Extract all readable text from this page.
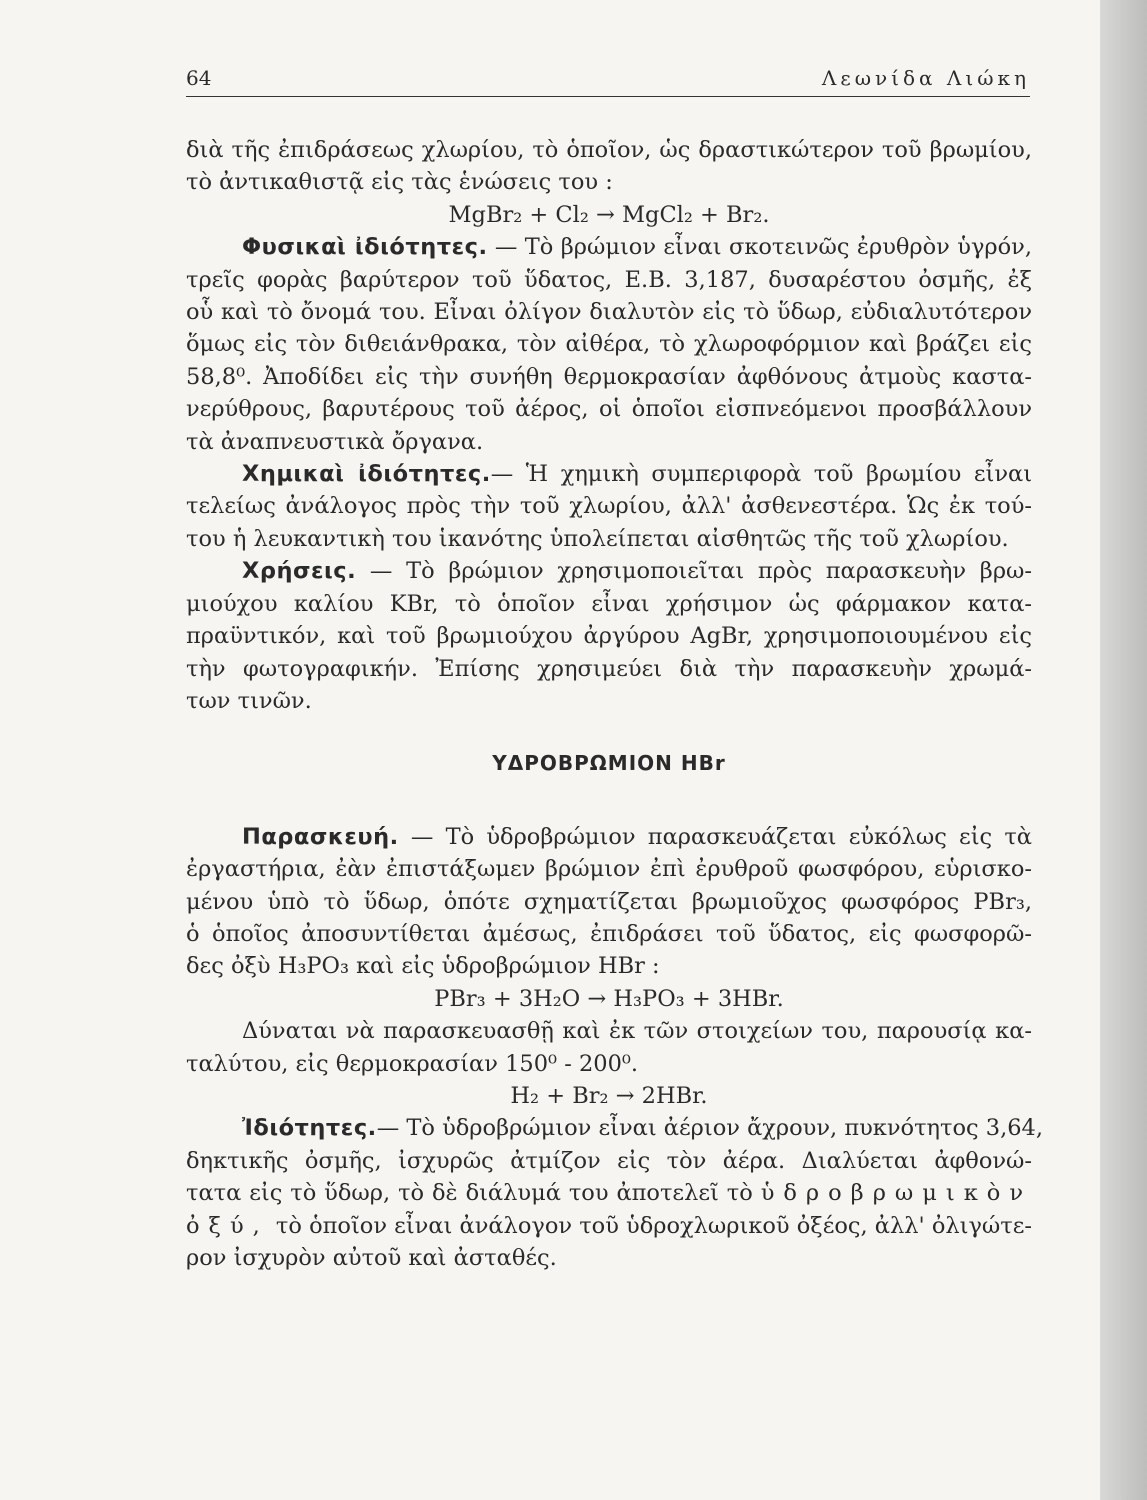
64	Λεωνίδα Λιώκη
διὰ τῆς ἐπιδράσεως χλωρίου, τὸ ὁποῖον, ὡς δραστικώτερον τοῦ βρωμίου,
τὸ ἀντικαθιστᾷ εἰς τὰς ἑνώσεις του :
MgBr₂ + Cl₂ → MgCl₂ + Br₂.
Φυσικαὶ ἰδιότητες. — Τὸ βρώμιον εἶναι σκοτεινῶς ἐρυθρὸν ὑγρόν,
τρεῖς φορὰς βαρύτερον τοῦ ὕδατος, Ε.Β. 3,187, δυσαρέστου ὀσμῆς, ἐξ
οὗ καὶ τὸ ὄνομά του. Εἶναι ὀλίγον διαλυτὸν εἰς τὸ ὕδωρ, εὐδιαλυτότερον
ὅμως εἰς τὸν διθειάνθρακα, τὸν αἰθέρα, τὸ χλωροφόρμιον καὶ βράζει εἰς
58,8⁰. Ἀποδίδει εἰς τὴν συνήθη θερμοκρασίαν ἀφθόνους ἀτμοὺς καστα-
νερύθρους, βαρυτέρους τοῦ ἀέρος, οἱ ὁποῖοι εἰσπνεόμενοι προσβάλλουν
τὰ ἀναπνευστικὰ ὄργανα.
Χημικαὶ ἰδιότητες.— Ἡ χημικὴ συμπεριφορὰ τοῦ βρωμίου εἶναι
τελείως ἀνάλογος πρὸς τὴν τοῦ χλωρίου, ἀλλ' ἀσθενεστέρα. Ὡς ἐκ τού-
του ἡ λευκαντικὴ του ἱκανότης ὑπολείπεται αἰσθητῶς τῆς τοῦ χλωρίου.
Χρήσεις. — Τὸ βρώμιον χρησιμοποιεῖται πρὸς παρασκευὴν βρω-
μιούχου καλίου KBr, τὸ ὁποῖον εἶναι χρήσιμον ὡς φάρμακον κατα-
πραϋντικόν, καὶ τοῦ βρωμιούχου ἀργύρου AgBr, χρησιμοποιουμένου εἰς
τὴν φωτογραφικήν. Ἐπίσης χρησιμεύει διὰ τὴν παρασκευὴν χρωμά-
των τινῶν.
ΥΔΡΟΒΡΩΜΙΟΝ HBr
Παρασκευή. — Τὸ ὑδροβρώμιον παρασκευάζεται εὐκόλως εἰς τὰ
ἐργαστήρια, ἐὰν ἐπιστάξωμεν βρώμιον ἐπὶ ἐρυθροῦ φωσφόρου, εὑρισκο-
μένου ὑπὸ τὸ ὕδωρ, ὁπότε σχηματίζεται βρωμιοῦχος φωσφόρος PBr₃,
ὁ ὁποῖος ἀποσυντίθεται ἀμέσως, ἐπιδράσει τοῦ ὕδατος, εἰς φωσφορῶ-
δες ὀξὺ H₃PO₃ καὶ εἰς ὑδροβρώμιον HBr :
PBr₃ + 3H₂O → H₃PO₃ + 3HBr.
Δύναται νὰ παρασκευασθῇ καὶ ἐκ τῶν στοιχείων του, παρουσίᾳ κα-
ταλύτου, εἰς θερμοκρασίαν 150⁰ - 200⁰.
H₂ + Br₂ → 2HBr.
Ἰδιότητες.— Τὸ ὑδροβρώμιον εἶναι ἀέριον ἄχρουν, πυκνότητος 3,64,
δηκτικῆς ὀσμῆς, ἰσχυρῶς ἀτμίζον εἰς τὸν ἀέρα. Διαλύεται ἀφθονώ-
τατα εἰς τὸ ὕδωρ, τὸ δὲ διάλυμά του ἀποτελεῖ τὸ ὑδροβρωμικὸν
ὀξύ, τὸ ὁποῖον εἶναι ἀνάλογον τοῦ ὑδροχλωρικοῦ ὀξέος, ἀλλ' ὀλιγώτε-
ρον ἰσχυρὸν αὐτοῦ καὶ ἀσταθές.
